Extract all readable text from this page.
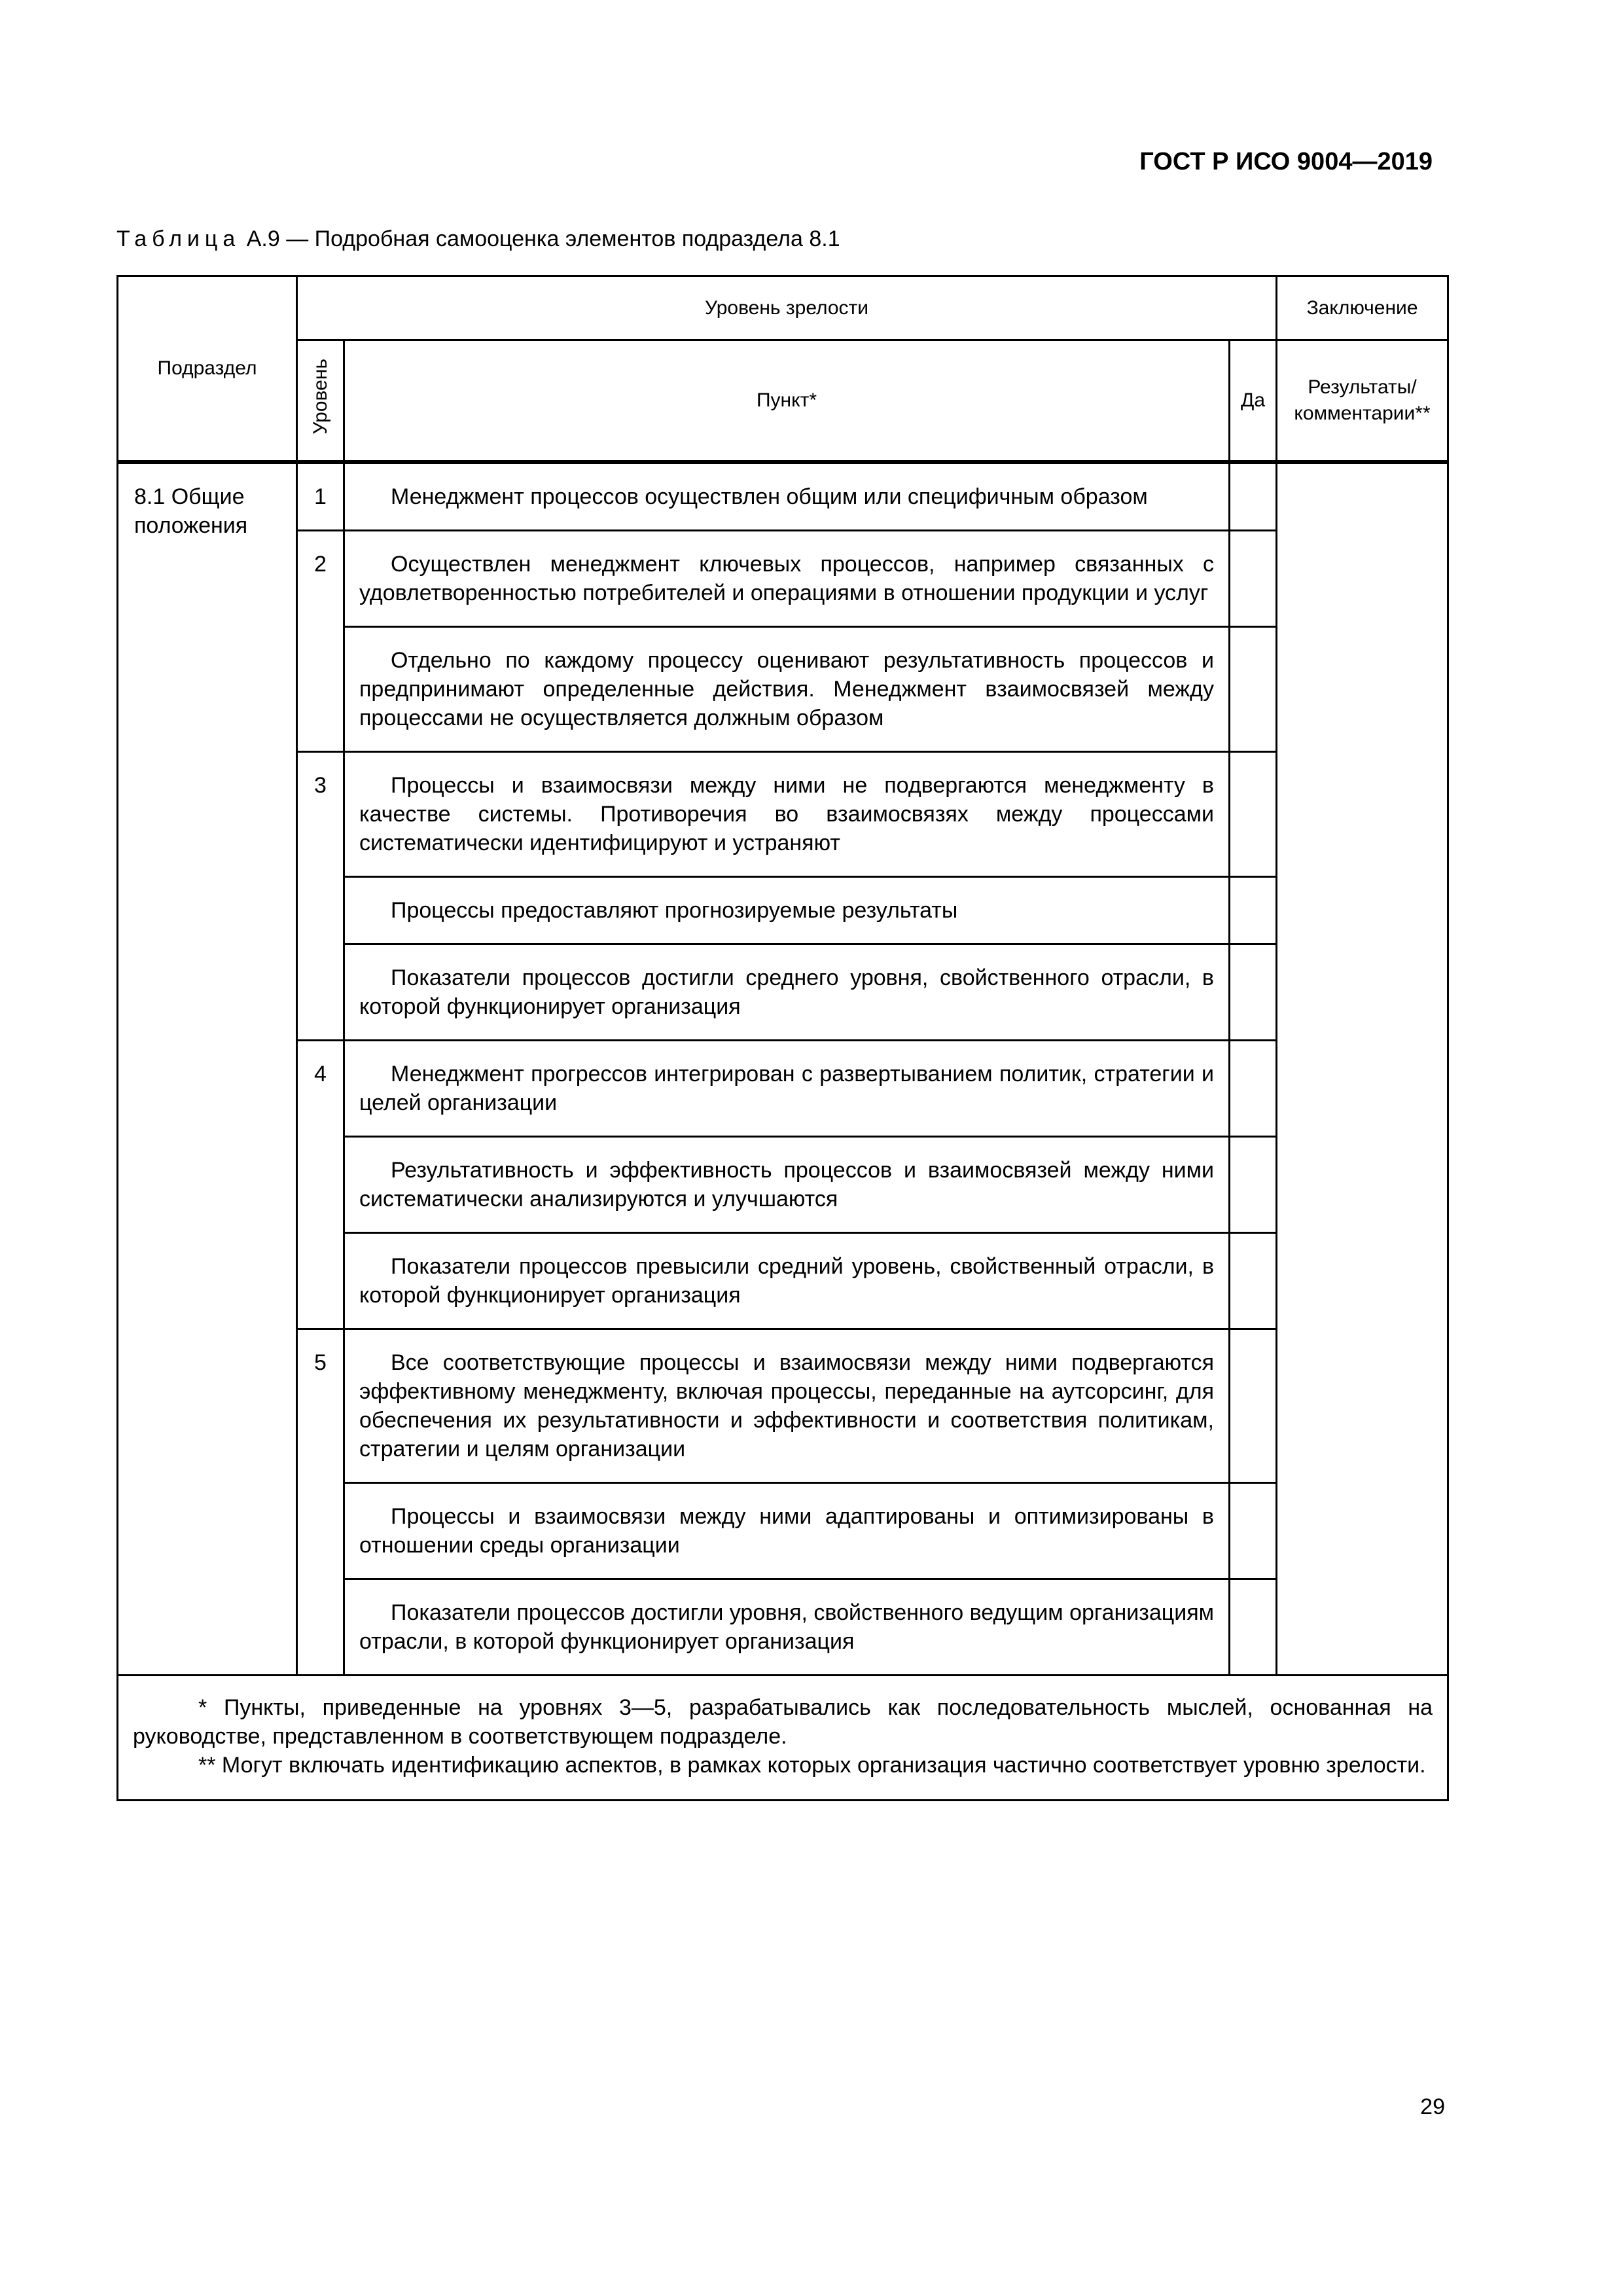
ГОСТ Р ИСО 9004—2019
Таблица А.9 — Подробная самооценка элементов подраздела 8.1
Подраздел	Уровень зрелости			Заключение
	Уровень	Пункт*	Да	Результаты/ комментарии**
8.1 Общие положения	1	Менеджмент процессов осуществлен общим или специфичным образом		
	2	Осуществлен менеджмент ключевых процессов, например связанных с удовлетворенностью потребителей и операциями в отношении продукции и услуг		
		Отдельно по каждому процессу оценивают результативность процессов и предпринимают определенные действия. Менеджмент взаимосвязей между процессами не осуществляется должным образом		
	3	Процессы и взаимосвязи между ними не подвергаются менеджменту в качестве системы. Противоречия во взаимосвязях между процессами систематически идентифицируют и устраняют		
		Процессы предоставляют прогнозируемые результаты		
		Показатели процессов достигли среднего уровня, свойственного отрасли, в которой функционирует организация		
	4	Менеджмент прогрессов интегрирован с развертыванием политик, стратегии и целей организации		
		Результативность и эффективность процессов и взаимосвязей между ними систематически анализируются и улучшаются		
		Показатели процессов превысили средний уровень, свойственный отрасли, в которой функционирует организация		
	5	Все соответствующие процессы и взаимосвязи между ними подвергаются эффективному менеджменту, включая процессы, переданные на аутсорсинг, для обеспечения их результативности и эффективности и соответствия политикам, стратегии и целям организации		
		Процессы и взаимосвязи между ними адаптированы и оптимизированы в отношении среды организации		
		Показатели процессов достигли уровня, свойственного ведущим организациям отрасли, в которой функционирует организация		

* Пункты, приведенные на уровнях 3—5, разрабатывались как последовательность мыслей, основанная на руководстве, представленном в соответствующем подразделе.

** Могут включать идентификацию аспектов, в рамках которых организация частично соответствует уровню зрелости.				

29
